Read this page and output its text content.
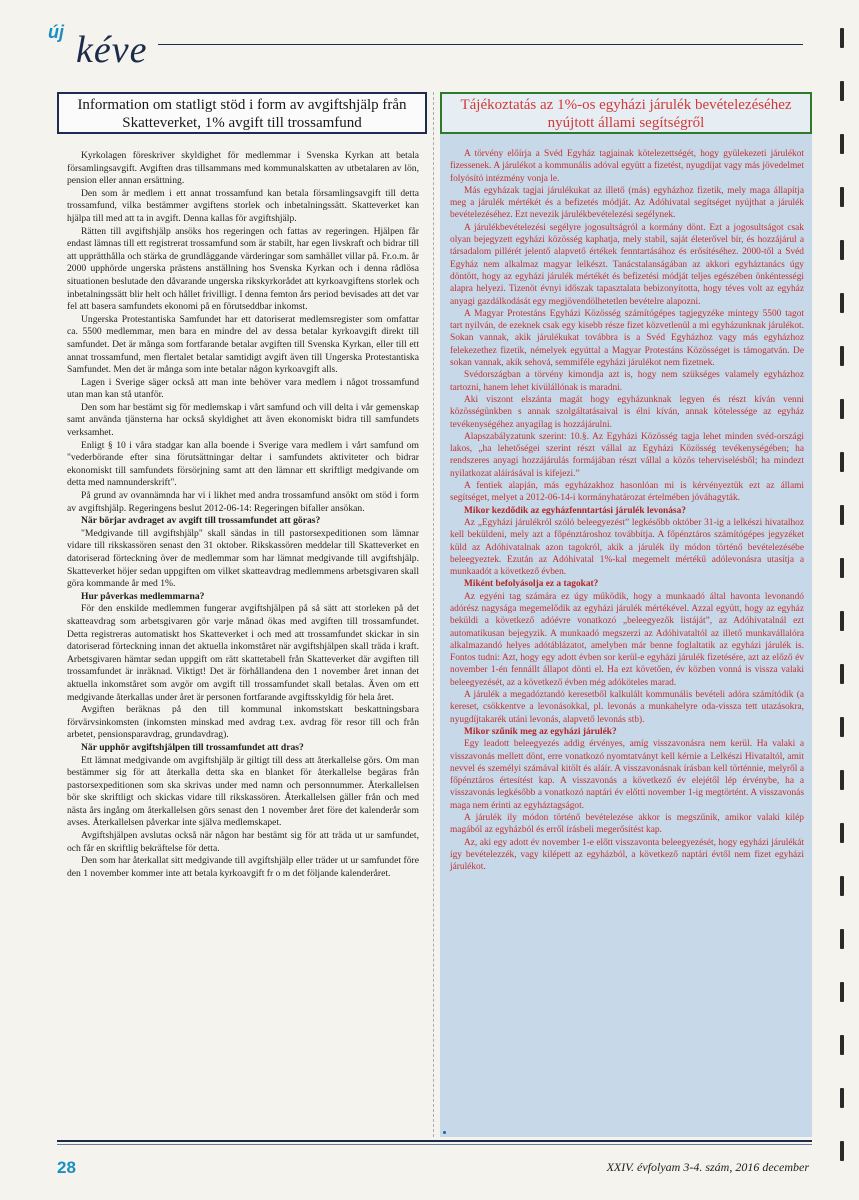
új kéve
Information om statligt stöd i form av avgiftshjälp från Skatteverket, 1% avgift till trossamfund

Kyrkolagen föreskriver skyldighet för medlemmar i Svenska Kyrkan att betala församlingsavgift. Avgiften dras tillsammans med kommunalskatten av utbetalaren av lön, pension eller annan ersättning.

Den som är medlem i ett annat trossamfund kan betala församlingsavgift till detta trossamfund, vilka bestämmer avgiftens storlek och inbetalningssätt. Skatteverket kan hjälpa till med att ta in avgift. Denna kallas för avgiftshjälp.

Rätten till avgiftshjälp ansöks hos regeringen och fattas av regeringen. Hjälpen får endast lämnas till ett registrerat trossamfund som är stabilt, har egen livskraft och bidrar till att upprätthålla och stärka de grundläggande värderingar som samhället villar på. Fr.o.m. år 2000 upphörde ungerska prästens anställning hos Svenska Kyrkan och i denna rådlösa situationen beslutade den dåvarande ungerska rikskyrkorådet att kyrkoavgiftens storlek och inbetalningssätt blir helt och hållet frivilligt. I denna femton års period bevisades att det var fel att basera samfundets ekonomi på en förutseddbar inkomst.

Ungerska Protestantiska Samfundet har ett datoriserat medlemsregister som omfattar ca. 5500 medlemmar, men bara en mindre del av dessa betalar kyrkoavgift direkt till samfundet. Det är många som fortfarande betalar avgiften till Svenska Kyrkan, eller till ett annat trossamfund, men flertalet betalar samtidigt avgift även till Ungerska Protestantiska Samfundet. Men det är många som inte betalar någon kyrkoavgift alls.

Lagen i Sverige säger också att man inte behöver vara medlem i något trossamfund utan man kan stå utanför.

Den som har bestämt sig för medlemskap i vårt samfund och vill delta i vår gemenskap samt använda tjänsterna har också skyldighet att även ekonomiskt bidra till samfundets verksamhet.

Enligt § 10 i våra stadgar kan alla boende i Sverige vara medlem i vårt samfund om "vederbörande efter sina förutsättningar deltar i samfundets aktiviteter och bidrar ekonomiskt till samfundets försörjning samt att den lämnar ett skriftligt medgivande om detta med namnunderskrift".

På grund av ovannämnda har vi i likhet med andra trossamfund ansökt om stöd i form av avgiftshjälp. Regeringens beslut 2012-06-14: Regeringen bifaller ansökan.

När börjar avdraget av avgift till trossamfundet att göras?

"Medgivande till avgiftshjälp" skall sändas in till pastorsexpeditionen som lämnar vidare till rikskassören senast den 31 oktober. Rikskassören meddelar till Skatteverket en datoriserad förteckning över de medlemmar som har lämnat medgivande till avgiftshjälp. Skatteverket höjer sedan uppgiften om vilket skatteavdrag medlemmens arbetsgivaren skall göra kommande år med 1%.

Hur påverkas medlemmarna?

För den enskilde medlemmen fungerar avgiftshjälpen på så sätt att storleken på det skatteavdrag som arbetsgivaren gör varje månad ökas med avgiften till trossamfundet. Detta registreras automatiskt hos Skatteverket i och med att trossamfundet skickar in sin datoriserad förteckning innan det aktuella inkomståret när avgiftshjälpen skall träda i kraft. Arbetsgivaren hämtar sedan uppgift om rätt skattetabell från Skatteverket där avgiften till trossamfundet är inräknad. Viktigt! Det är förhållandena den 1 november året innan det aktuella inkomståret som avgör om avgift till trossamfundet skall betalas. Även om ett medgivande återkallas under året är personen fortfarande avgiftsskyldig för hela året.

Avgiften beräknas på den till kommunal inkomstskatt beskattningsbara förvärvsinkomsten (inkomsten minskad med avdrag t.ex. avdrag för resor till och från arbetet, pensionsparavdrag, grundavdrag).

När upphör avgiftshjälpen till trossamfundet att dras?

Ett lämnat medgivande om avgiftshjälp är giltigt till dess att återkallelse görs. Om man bestämmer sig för att återkalla detta ska en blanket för återkallelse begäras från pastorsexpeditionen som ska skrivas under med namn och personnummer. Återkallelsen bör ske skriftligt och skickas vidare till rikskassören. Återkallelsen gäller från och med nästa års ingång om återkallelsen görs senast den 1 november året före det kalenderår som avses. Återkallelsen påverkar inte själva medlemskapet.

Avgiftshjälpen avslutas också när någon har bestämt sig för att träda ut ur samfundet, och får en skriftlig bekräftelse för detta.

Den som har återkallat sitt medgivande till avgiftshjälp eller träder ut ur samfundet före den 1 november kommer inte att betala kyrkoavgift fr o m det följande kalenderåret.

Tájékoztatás az 1%-os egyházi járulék bevételezéséhez nyújtott állami segítségről

A törvény előírja a Svéd Egyház tagjainak kötelezettségét, hogy gyülekezeti járulékot fizessenek. A járulékot a kommunális adóval együtt a fizetést, nyugdíjat vagy más jövedelmet folyósító intézmény vonja le.

Más egyházak tagjai járulékukat az illető (más) egyházhoz fizetik, mely maga állapítja meg a járulék mértékét és a befizetés módját. Az Adóhivatal segítséget nyújthat a járulék bevételezéséhez. Ezt nevezik járulékbevételezési segélynek.

A járulékbevételezési segélyre jogosultságról a kormány dönt. Ezt a jogosultságot csak olyan bejegyzett egyházi közösség kaphatja, mely stabil, saját életerővel bír, és hozzájárul a társadalom pillérét jelentő alapvető értékek fenntartásához és erősítéséhez. 2000-től a Svéd Egyház nem alkalmaz magyar lelkészt. Tanácstalanságában az akkori egyháztanács úgy döntött, hogy az egyházi járulék mértékét és befizetési módját teljes egészében önkéntességi alapra helyezi. Tizenöt évnyi időszak tapasztalata bebizonyította, hogy téves volt az egyház anyagi gazdálkodását egy megjövendölhetetlen bevételre alapozni.

A Magyar Protestáns Egyházi Közösség számítógépes tagjegyzéke mintegy 5500 tagot tart nyilván, de ezeknek csak egy kisebb része fizet közvetlenül a mi egyházunknak járulékot. Sokan vannak, akik járulékukat továbbra is a Svéd Egyházhoz vagy más egyházhoz felekezethez fizetik, némelyek egyúttal a Magyar Protestáns Közösséget is támogatván. De sokan vannak, akik sehová, semmiféle egyházi járulékot nem fizetnek.

Svédországban a törvény kimondja azt is, hogy nem szükséges valamely egyházhoz tartozni, hanem lehet kívülállónak is maradni.

Aki viszont elszánta magát hogy egyházunknak legyen és részt kíván venni közösségünkben s annak szolgáltatásaival is élni kíván, annak kötelessége az egyház tevékenységéhez anyagilag is hozzájárulni.

Alapszabályzatunk szerint: 10.§. Az Egyházi Közösség tagja lehet minden svéd-országi lakos, „ha lehetőségei szerint részt vállal az Egyházi Közösség tevékenységében; ha rendszeres anyagi hozzájárulás formájában részt vállal a közös teherviselésből; ha mindezt nyilatkozat aláírásával is kifejezi.”

A fentiek alapján, más egyházakhoz hasonlóan mi is kérvényeztük ezt az állami segítséget, melyet a 2012-06-14-i kormányhatározat értelmében jóváhagyták.

Mikor kezdődik az egyházfenntartási járulék levonása?

Az „Egyházi járulékról szóló beleegyezést” legkésőbb október 31-ig a lelkészi hivatalhoz kell beküldeni, mely azt a főpénztároshoz továbbítja. A főpénztáros számítógépes jegyzéket küld az Adóhivatalnak azon tagokról, akik a járulék ily módon történő bevételezésébe beleegyeztek. Ezután az Adóhivatal 1%-kal megemelt mértékű adólevonásra utasítja a munkaadót a következő évben.

Miként befolyásolja ez a tagokat?

Az egyéni tag számára ez úgy működik, hogy a munkaadó által havonta levonandó adórész nagysága megemelődik az egyházi járulék mértékével. Azzal együtt, hogy az egyház beküldi a következő adóévre vonatkozó „beleegyezők listáját”, az Adóhivatalnál ezt automatikusan bejegyzik. A munkaadó megszerzi az Adóhivataltól az illető munkavállalóra alkalmazandó helyes adótáblázatot, amelyben már benne foglaltatik az egyházi járulék is. Fontos tudni: Azt, hogy egy adott évben sor kerül-e egyházi járulék fizetésére, azt az előző év november 1-én fennállt állapot dönti el. Ha ezt követően, év közben vonná is vissza valaki beleegyezését, az a következő évben még adóköteles marad.

A járulék a megadóztandó keresetből kalkulált kommunális bevételi adóra számítódik (a kereset, csökkentve a levonásokkal, pl. levonás a munkahelyre oda-vissza tett utazásokra, nyugdíjtakarék utáni levonás, alapvető levonás stb).

Mikor szűnik meg az egyházi járulék?

Egy leadott beleegyezés addig érvényes, amíg visszavonásra nem kerül. Ha valaki a visszavonás mellett dönt, erre vonatkozó nyomtatványt kell kérnie a Lelkészi Hivataltól, amit nevvel és személyi számával kitölt és aláír. A visszavonásnak írásban kell történnie, melyről a főpénztáros értesítést kap. A visszavonás a következő év elejétől lép érvénybe, ha a visszavonás legkésőbb a vonatkozó naptári év előtti november 1-ig megtörtént. A visszavonás maga nem érinti az egyháztagságot.

A járulék ily módon történő bevételezése akkor is megszűnik, amikor valaki kilép magából az egyházból és erről írásbeli megerősítést kap.

Az, aki egy adott év november 1-e előtt visszavonta beleegyezését, hogy egyházi járulékát így bevételezzék, vagy kilépett az egyházból, a következő naptári évtől nem fizet egyházi járulékot.

28	XXIV. évfolyam 3-4. szám, 2016 december
